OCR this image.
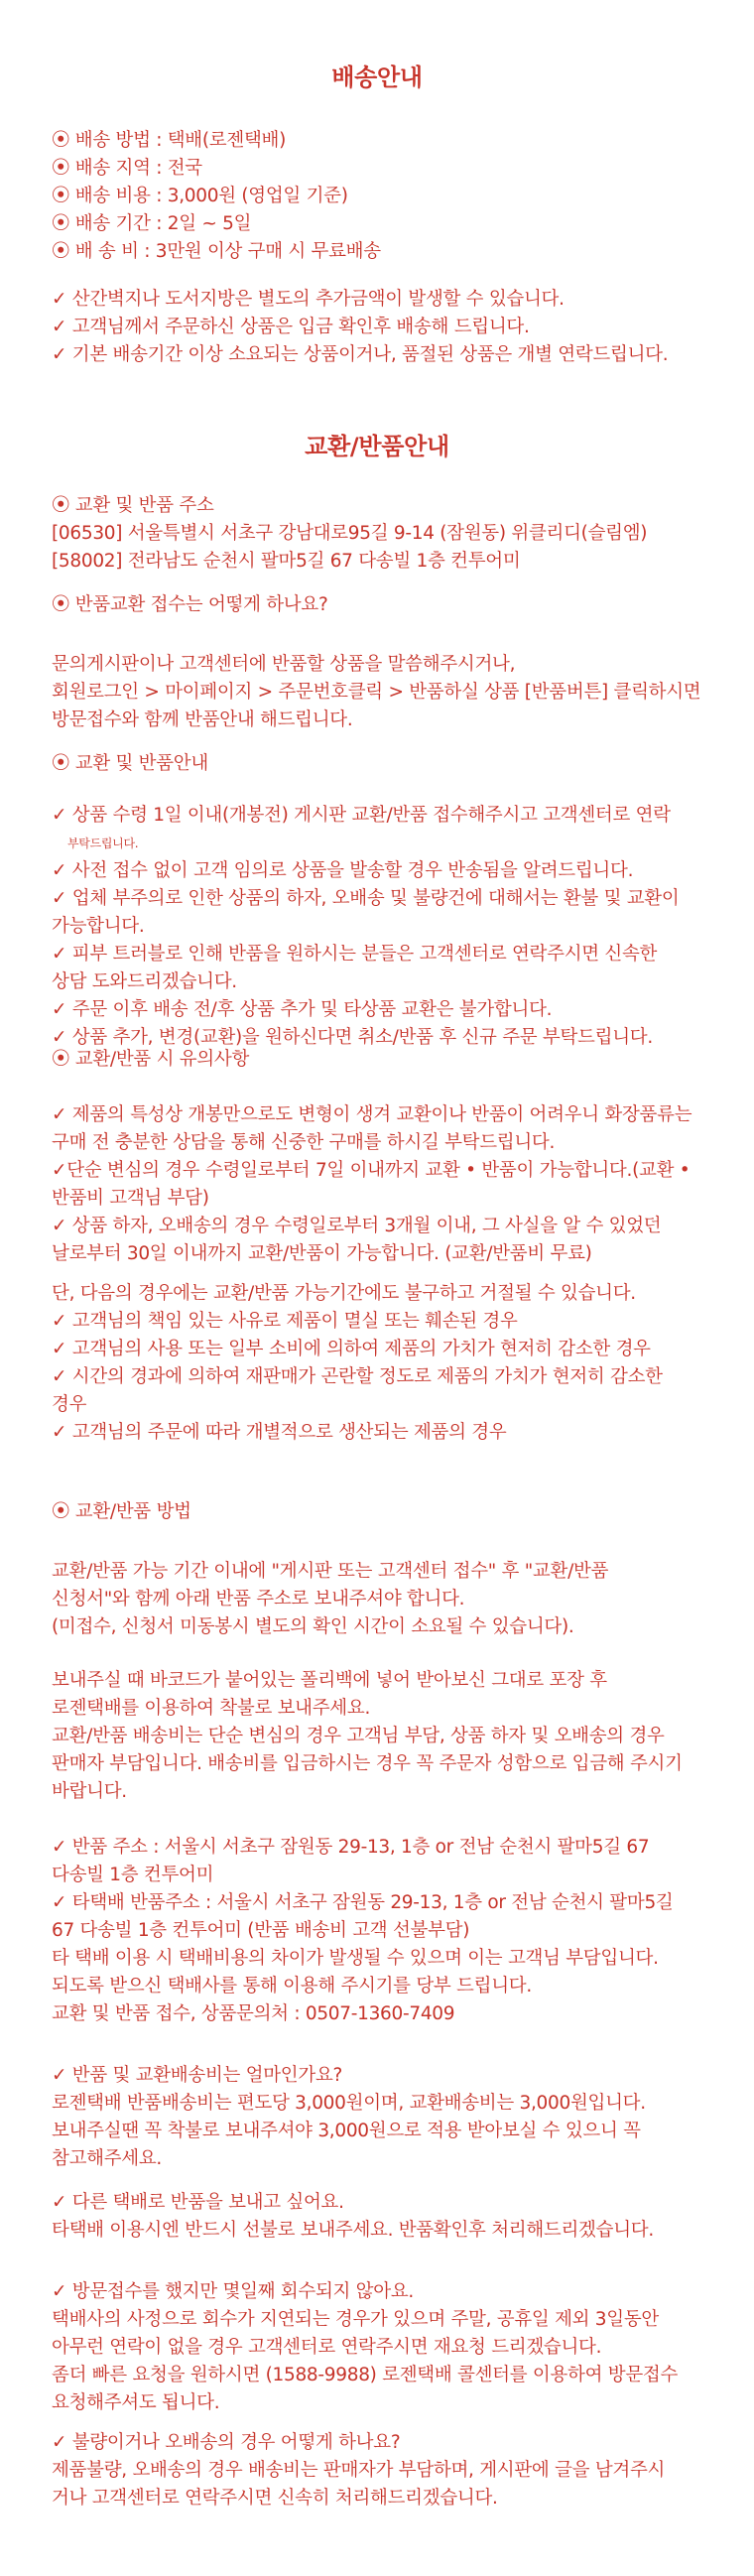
배송안내

⦿ 배송 방법 : 택배(로젠택배)

⦿ 배송 지역 : 전국

⦿ 배송 비용 : 3,000원 (영업일 기준)

⦿ 배송 기간 : 2일 ~ 5일

⦿ 배 송 비 : 3만원 이상 구매 시 무료배송

✓ 산간벽지나 도서지방은 별도의 추가금액이 발생할 수 있습니다.

✓ 고객님께서 주문하신 상품은 입금 확인후 배송해 드립니다.

✓ 기본 배송기간 이상 소요되는 상품이거나, 품절된 상품은 개별 연락드립니다.

교환/반품안내

⦿ 교환 및 반품 주소

[06530] 서울특별시 서초구 강남대로95길 9-14 (잠원동) 위클리디(슬림엠)

[58002] 전라남도 순천시 팔마5길 67 다송빌 1층 컨투어미

⦿ 반품교환 접수는 어떻게 하나요?

문의게시판이나 고객센터에 반품할 상품을 말씀해주시거나,

회원로그인 > 마이페이지 > 주문번호클릭 > 반품하실 상품 [반품버튼] 클릭하시면

방문접수와 함께 반품안내 해드립니다.

⦿ 교환 및 반품안내

✓ 상품 수령 1일 이내(개봉전) 게시판 교환/반품 접수해주시고 고객센터로 연락

부탁드립니다.

✓ 사전 접수 없이 고객 임의로 상품을 발송할 경우 반송됨을 알려드립니다.

✓ 업체 부주의로 인한 상품의 하자, 오배송 및 불량건에 대해서는 환불 및 교환이

가능합니다.

✓ 피부 트러블로 인해 반품을 원하시는 분들은 고객센터로 연락주시면 신속한

상담 도와드리겠습니다.

✓ 주문 이후 배송 전/후 상품 추가 및 타상품 교환은 불가합니다.

✓ 상품 추가, 변경(교환)을 원하신다면 취소/반품 후 신규 주문 부탁드립니다.

⦿ 교환/반품 시 유의사항

✓ 제품의 특성상 개봉만으로도 변형이 생겨 교환이나 반품이 어려우니 화장품류는

구매 전 충분한 상담을 통해 신중한 구매를 하시길 부탁드립니다.

✓단순 변심의 경우 수령일로부터 7일 이내까지 교환 • 반품이 가능합니다.(교환 •

반품비 고객님 부담)

✓ 상품 하자, 오배송의 경우 수령일로부터 3개월 이내, 그 사실을 알 수 있었던

날로부터 30일 이내까지 교환/반품이 가능합니다. (교환/반품비 무료)

단, 다음의 경우에는 교환/반품 가능기간에도 불구하고 거절될 수 있습니다.

✓ 고객님의 책임 있는 사유로 제품이 멸실 또는 훼손된 경우

✓ 고객님의 사용 또는 일부 소비에 의하여 제품의 가치가 현저히 감소한 경우

✓ 시간의 경과에 의하여 재판매가 곤란할 정도로 제품의 가치가 현저히 감소한

경우

✓ 고객님의 주문에 따라 개별적으로 생산되는 제품의 경우

⦿ 교환/반품 방법

교환/반품 가능 기간 이내에 "게시판 또는 고객센터 접수" 후 "교환/반품

신청서"와 함께 아래 반품 주소로 보내주셔야 합니다.

(미접수, 신청서 미동봉시 별도의 확인 시간이 소요될 수 있습니다).

보내주실 때 바코드가 붙어있는 폴리백에 넣어 받아보신 그대로 포장 후

로젠택배를 이용하여 착불로 보내주세요.

교환/반품 배송비는 단순 변심의 경우 고객님 부담, 상품 하자 및 오배송의 경우

판매자 부담입니다. 배송비를 입금하시는 경우 꼭 주문자 성함으로 입금해 주시기

바랍니다.

✓ 반품 주소 : 서울시 서초구 잠원동 29-13, 1층 or 전남 순천시 팔마5길 67

다송빌 1층 컨투어미

✓ 타택배 반품주소 : 서울시 서초구 잠원동 29-13, 1층 or 전남 순천시 팔마5길

67 다송빌 1층 컨투어미 (반품 배송비 고객 선불부담)

타 택배 이용 시 택배비용의 차이가 발생될 수 있으며 이는 고객님 부담입니다.

되도록 받으신 택배사를 통해 이용해 주시기를 당부 드립니다.

교환 및 반품 접수, 상품문의처 : 0507-1360-7409

✓ 반품 및 교환배송비는 얼마인가요?

로젠택배 반품배송비는 편도당 3,000원이며, 교환배송비는 3,000원입니다.

보내주실땐 꼭 착불로 보내주셔야 3,000원으로 적용 받아보실 수 있으니 꼭

참고해주세요.

✓ 다른 택배로 반품을 보내고 싶어요.

타택배 이용시엔 반드시 선불로 보내주세요. 반품확인후 처리해드리겠습니다.

✓ 방문접수를 했지만 몇일째 회수되지 않아요.

택배사의 사정으로 회수가 지연되는 경우가 있으며 주말, 공휴일 제외 3일동안

아무런 연락이 없을 경우 고객센터로 연락주시면 재요청 드리겠습니다.

좀더 빠른 요청을 원하시면 (1588-9988) 로젠택배 콜센터를 이용하여 방문접수

요청해주셔도 됩니다.

✓ 불량이거나 오배송의 경우 어떻게 하나요?

제품불량, 오배송의 경우 배송비는 판매자가 부담하며, 게시판에 글을 남겨주시

거나 고객센터로 연락주시면 신속히 처리해드리겠습니다.
